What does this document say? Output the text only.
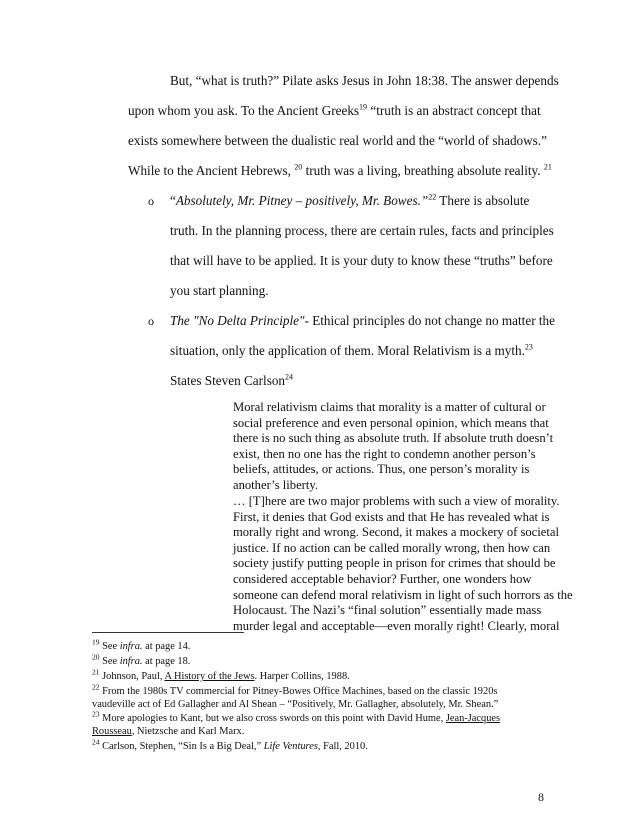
But, “what is truth?” Pilate asks Jesus in John 18:38. The answer depends
upon whom you ask. To the Ancient Greeks$^{19}$ “truth is an abstract concept that
exists somewhere between the dualistic real world and the “world of shadows.”
While to the Ancient Hebrews, $^{20}$ truth was a living, breathing absolute reality. $^{21}$
o “Absolutely, Mr. Pitney – positively, Mr. Bowes.”$^{22}$ There is absolute
truth. In the planning process, there are certain rules, facts and principles
that will have to be applied. It is your duty to know these “truths” before
you start planning.
o The "No Delta Principle"- Ethical principles do not change no matter the
situation, only the application of them. Moral Relativism is a myth.$^{23}$
States Steven Carlson$^{24}$
Moral relativism claims that morality is a matter of cultural or
social preference and even personal opinion, which means that
there is no such thing as absolute truth. If absolute truth doesn’t
exist, then no one has the right to condemn another person’s
beliefs, attitudes, or actions. Thus, one person’s morality is
another’s liberty.
… [T]here are two major problems with such a view of morality.
First, it denies that God exists and that He has revealed what is
morally right and wrong. Second, it makes a mockery of societal
justice. If no action can be called morally wrong, then how can
society justify putting people in prison for crimes that should be
considered acceptable behavior? Further, one wonders how
someone can defend moral relativism in light of such horrors as the
Holocaust. The Nazi’s “final solution” essentially made mass
murder legal and acceptable—even morally right! Clearly, moral
$^{19}$ See infra. at page 14.
$^{20}$ See infra. at page 18.
$^{21}$ Johnson, Paul, A History of the Jews. Harper Collins, 1988.
$^{22}$ From the 1980s TV commercial for Pitney-Bowes Office Machines, based on the classic 1920s
vaudeville act of Ed Gallagher and Al Shean – “Positively, Mr. Gallagher, absolutely, Mr. Shean.”
$^{23}$ More apologies to Kant, but we also cross swords on this point with David Hume, Jean-Jacques
Rousseau, Nietzsche and Karl Marx.
$^{24}$ Carlson, Stephen, “Sin Is a Big Deal,” Life Ventures, Fall, 2010.
8
